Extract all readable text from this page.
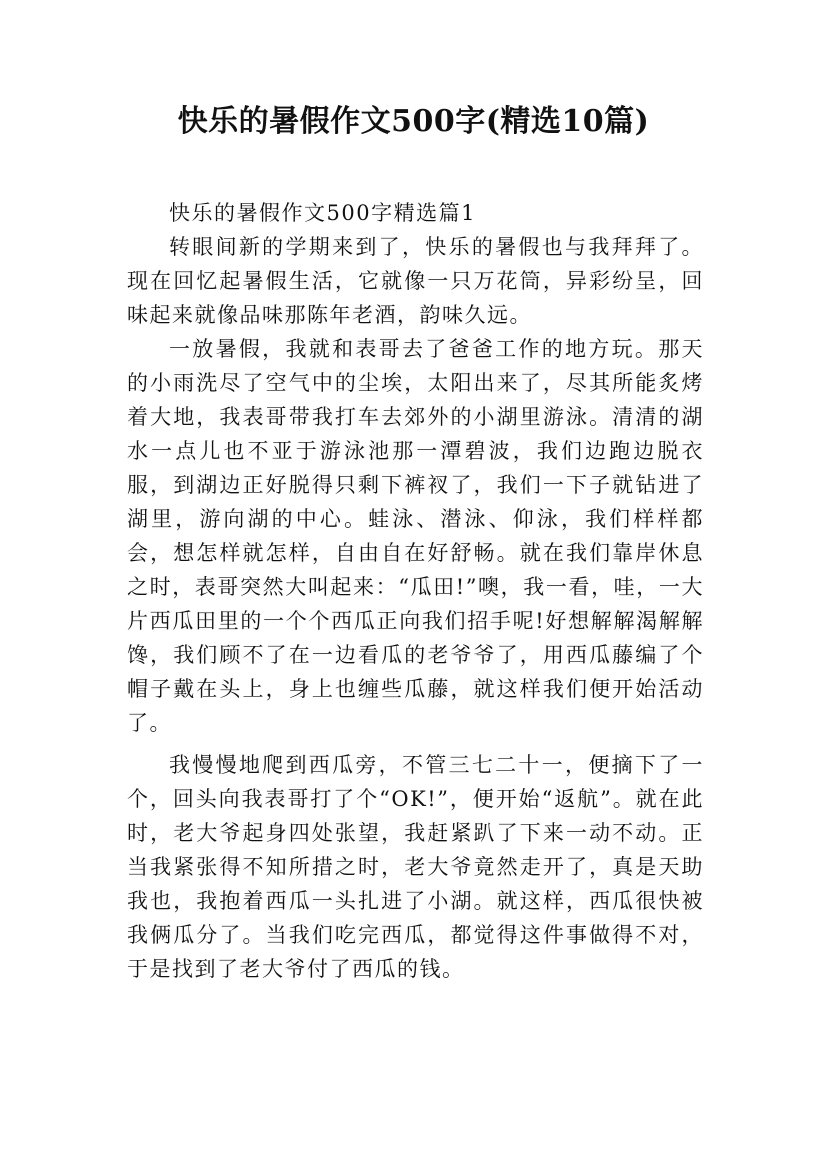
快乐的暑假作文500字(精选10篇)

快乐的暑假作文500字精选篇1

转眼间新的学期来到了，快乐的暑假也与我拜拜了。现在回忆起暑假生活，它就像一只万花筒，异彩纷呈，回味起来就像品味那陈年老酒，韵味久远。

一放暑假，我就和表哥去了爸爸工作的地方玩。那天的小雨洗尽了空气中的尘埃，太阳出来了，尽其所能炙烤着大地，我表哥带我打车去郊外的小湖里游泳。清清的湖水一点儿也不亚于游泳池那一潭碧波，我们边跑边脱衣服，到湖边正好脱得只剩下裤衩了，我们一下子就钻进了湖里，游向湖的中心。蛙泳、潜泳、仰泳，我们样样都会，想怎样就怎样，自由自在好舒畅。就在我们靠岸休息之时，表哥突然大叫起来：“瓜田!”噢，我一看，哇，一大片西瓜田里的一个个西瓜正向我们招手呢!好想解解渴解解馋，我们顾不了在一边看瓜的老爷爷了，用西瓜藤编了个帽子戴在头上，身上也缠些瓜藤，就这样我们便开始活动了。

我慢慢地爬到西瓜旁，不管三七二十一，便摘下了一个，回头向我表哥打了个“OK!”，便开始“返航”。就在此时，老大爷起身四处张望，我赶紧趴了下来一动不动。正当我紧张得不知所措之时，老大爷竟然走开了，真是天助我也，我抱着西瓜一头扎进了小湖。就这样，西瓜很快被我俩瓜分了。当我们吃完西瓜，都觉得这件事做得不对，于是找到了老大爷付了西瓜的钱。
